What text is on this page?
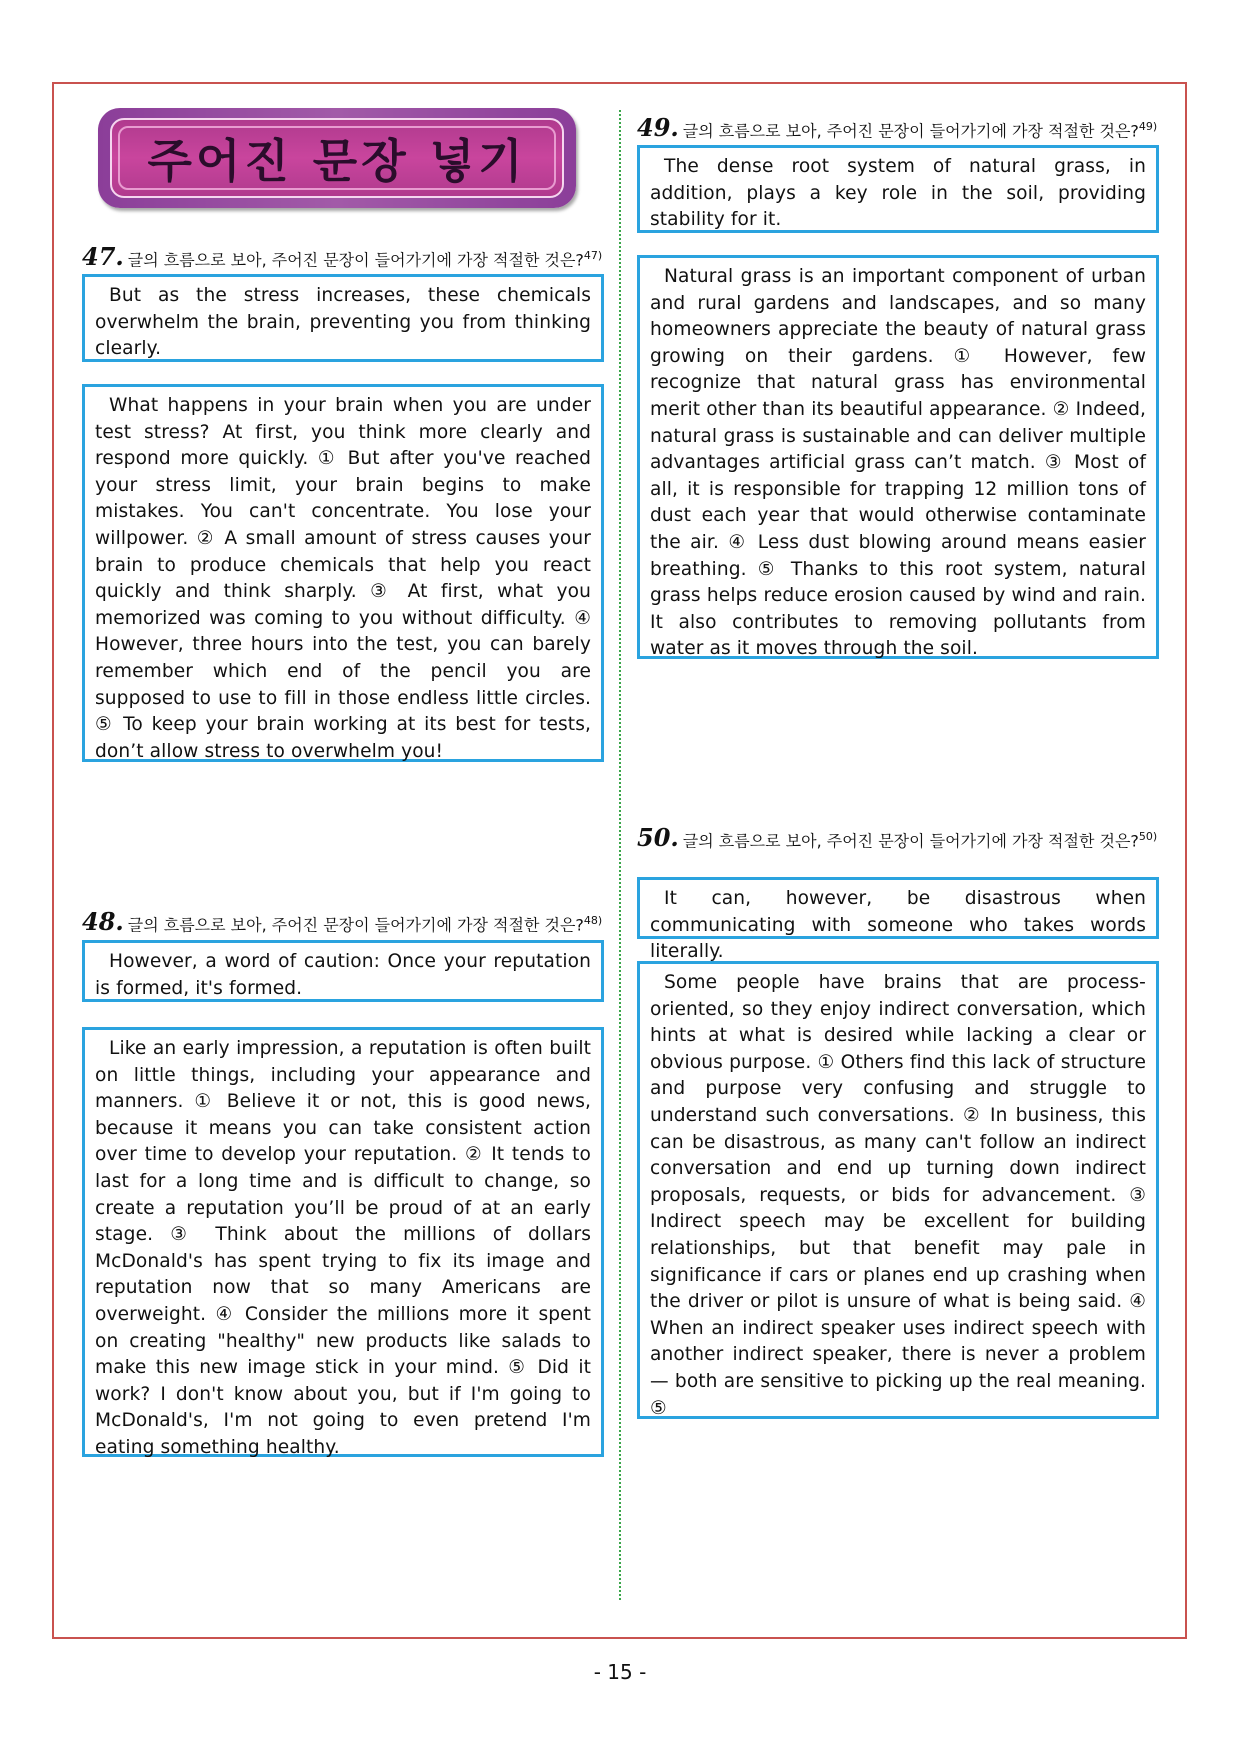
주어진 문장 넣기
47. 글의 흐름으로 보아, 주어진 문장이 들어가기에 가장 적절한 것은?$^{47)}$

But as the stress increases, these chemicals overwhelm the brain, preventing you from thinking clearly.

What happens in your brain when you are under test stress? At first, you think more clearly and respond more quickly. ① But after you've reached your stress limit, your brain begins to make mistakes. You can't concentrate. You lose your willpower. ② A small amount of stress causes your brain to produce chemicals that help you react quickly and think sharply. ③ At first, what you memorized was coming to you without difficulty. ④ However, three hours into the test, you can barely remember which end of the pencil you are supposed to use to fill in those endless little circles. ⑤ To keep your brain working at its best for tests, don’t allow stress to overwhelm you!

48. 글의 흐름으로 보아, 주어진 문장이 들어가기에 가장 적절한 것은?$^{48)}$

However, a word of caution: Once your reputation is formed, it's formed.

Like an early impression, a reputation is often built on little things, including your appearance and manners. ① Believe it or not, this is good news, because it means you can take consistent action over time to develop your reputation. ② It tends to last for a long time and is difficult to change, so create a reputation you’ll be proud of at an early stage. ③ Think about the millions of dollars McDonald's has spent trying to fix its image and reputation now that so many Americans are overweight. ④ Consider the millions more it spent on creating "healthy" new products like salads to make this new image stick in your mind. ⑤ Did it work? I don't know about you, but if I'm going to McDonald's, I'm not going to even pretend I'm eating something healthy.

49. 글의 흐름으로 보아, 주어진 문장이 들어가기에 가장 적절한 것은?$^{49)}$

The dense root system of natural grass, in addition, plays a key role in the soil, providing stability for it.

Natural grass is an important component of urban and rural gardens and landscapes, and so many homeowners appreciate the beauty of natural grass growing on their gardens. ① However, few recognize that natural grass has environmental merit other than its beautiful appearance. ② Indeed, natural grass is sustainable and can deliver multiple advantages artificial grass can’t match. ③ Most of all, it is responsible for trapping 12 million tons of dust each year that would otherwise contaminate the air. ④ Less dust blowing around means easier breathing. ⑤ Thanks to this root system, natural grass helps reduce erosion caused by wind and rain. It also contributes to removing pollutants from water as it moves through the soil.

50. 글의 흐름으로 보아, 주어진 문장이 들어가기에 가장 적절한 것은?$^{50)}$

It can, however, be disastrous when communicating with someone who takes words literally.

Some people have brains that are process-oriented, so they enjoy indirect conversation, which hints at what is desired while lacking a clear or obvious purpose. ① Others find this lack of structure and purpose very confusing and struggle to understand such conversations. ② In business, this can be disastrous, as many can't follow an indirect conversation and end up turning down indirect proposals, requests, or bids for advancement. ③ Indirect speech may be excellent for building relationships, but that benefit may pale in significance if cars or planes end up crashing when the driver or pilot is unsure of what is being said. ④ When an indirect speaker uses indirect speech with another indirect speaker, there is never a problem — both are sensitive to picking up the real meaning. ⑤

- 15 -
